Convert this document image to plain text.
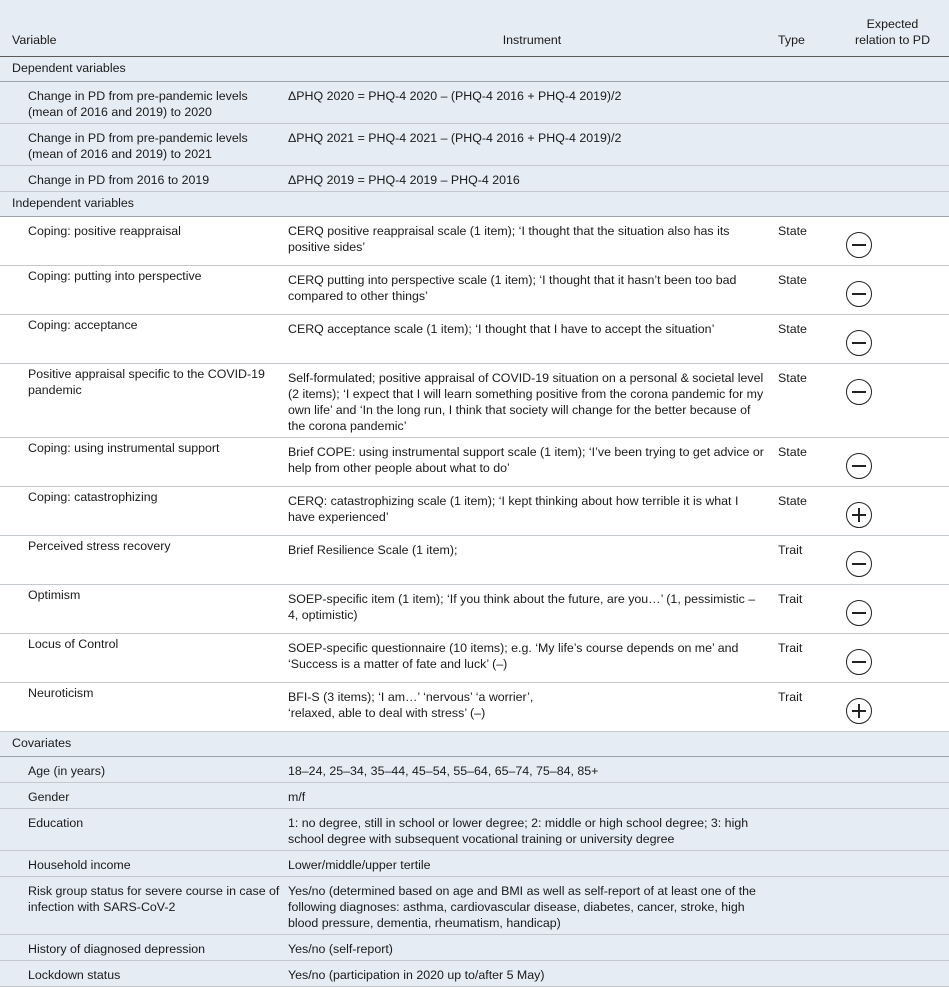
Variable	Instrument	Type	Expected
relation to PD
Dependent variables			
Change in PD from pre-pandemic levels (mean of 2016 and 2019) to 2020	ΔPHQ 2020 = PHQ-4 2020 – (PHQ-4 2016 + PHQ-4 2019)/2		
Change in PD from pre-pandemic levels (mean of 2016 and 2019) to 2021	ΔPHQ 2021 = PHQ-4 2021 – (PHQ-4 2016 + PHQ-4 2019)/2		
Change in PD from 2016 to 2019	ΔPHQ 2019 = PHQ-4 2019 – PHQ-4 2016		
Independent variables			
Coping: positive reappraisal	CERQ positive reappraisal scale (1 item); ‘I thought that the situation also has its positive sides’	State	
Coping: putting into perspective	CERQ putting into perspective scale (1 item); ‘I thought that it hasn’t been too bad compared to other things’	State	
Coping: acceptance	CERQ acceptance scale (1 item); ‘I thought that I have to accept the situation’	State	
Positive appraisal specific to the COVID-19 pandemic	Self-formulated; positive appraisal of COVID-19 situation on a personal & societal level (2 items); ‘I expect that I will learn something positive from the corona pandemic for my own life’ and ‘In the long run, I think that society will change for the better because of the corona pandemic’	State	
Coping: using instrumental support	Brief COPE: using instrumental support scale (1 item); ‘I’ve been trying to get advice or help from other people about what to do’	State	
Coping: catastrophizing	CERQ: catastrophizing scale (1 item); ‘I kept thinking about how terrible it is what I have experienced’	State	
Perceived stress recovery	Brief Resilience Scale (1 item);	Trait	
Optimism	SOEP-specific item (1 item); ‘If you think about the future, are you…’ (1, pessimistic – 4, optimistic)	Trait	
Locus of Control	SOEP-specific questionnaire (10 items); e.g. ‘My life’s course depends on me’ and ‘Success is a matter of fate and luck’ (–)	Trait	
Neuroticism	BFI-S (3 items); ‘I am…’ ‘nervous’ ‘a worrier’,
‘relaxed, able to deal with stress’ (–)	Trait	
Covariates			
Age (in years)	18–24, 25–34, 35–44, 45–54, 55–64, 65–74, 75–84, 85+		
Gender	m/f		
Education	1: no degree, still in school or lower degree; 2: middle or high school degree; 3: high school degree with subsequent vocational training or university degree		
Household income	Lower/middle/upper tertile		
Risk group status for severe course in case of infection with SARS-CoV-2	Yes/no (determined based on age and BMI as well as self-report of at least one of the following diagnoses: asthma, cardiovascular disease, diabetes, cancer, stroke, high blood pressure, dementia, rheumatism, handicap)		
History of diagnosed depression	Yes/no (self-report)		
Lockdown status	Yes/no (participation in 2020 up to/after 5 May)		
